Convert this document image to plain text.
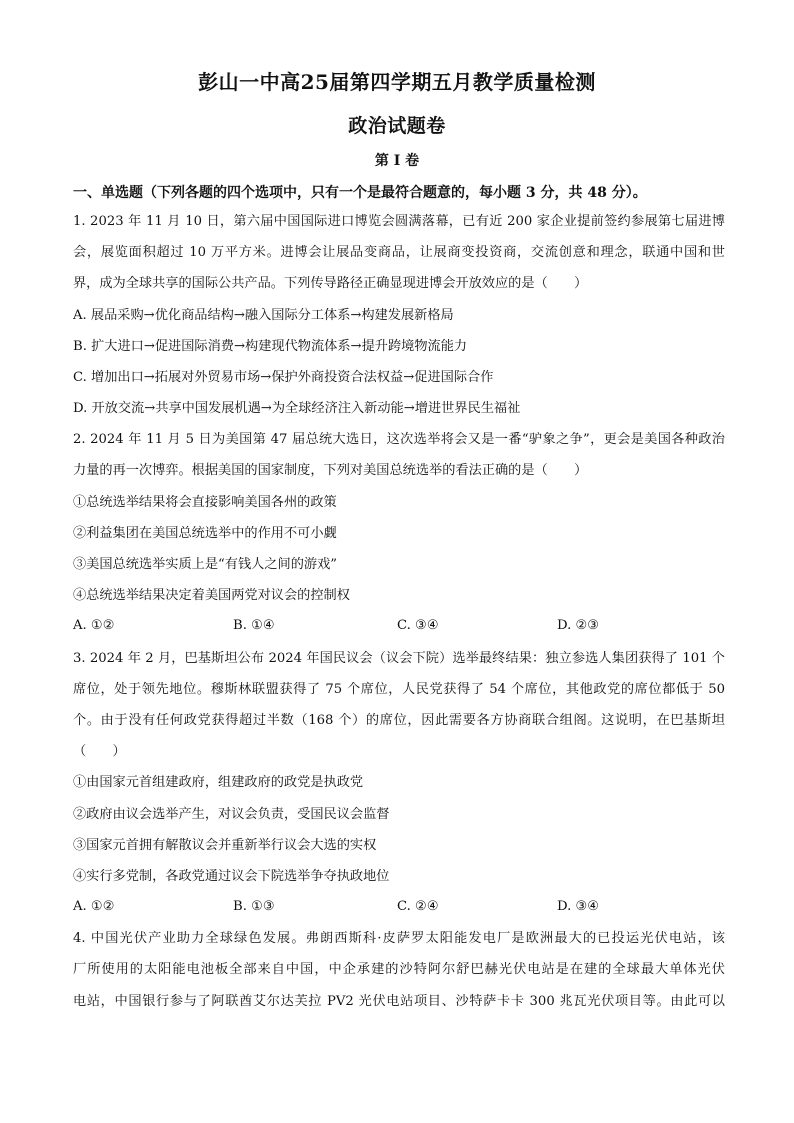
彭山一中高25届第四学期五月教学质量检测
政治试题卷
第 I 卷
一、单选题（下列各题的四个选项中，只有一个是最符合题意的，每小题 3 分，共 48 分）。
1. 2023 年 11 月 10 日，第六届中国国际进口博览会圆满落幕，已有近 200 家企业提前签约参展第七届进博
会，展览面积超过 10 万平方米。进博会让展品变商品，让展商变投资商，交流创意和理念，联通中国和世
界，成为全球共享的国际公共产品。下列传导路径正确显现进博会开放效应的是（　　）
A. 展品采购→优化商品结构→融入国际分工体系→构建发展新格局
B. 扩大进口→促进国际消费→构建现代物流体系→提升跨境物流能力
C. 增加出口→拓展对外贸易市场→保护外商投资合法权益→促进国际合作
D. 开放交流→共享中国发展机遇→为全球经济注入新动能→增进世界民生福祉
2. 2024 年 11 月 5 日为美国第 47 届总统大选日，这次选举将会又是一番“驴象之争”，更会是美国各种政治
力量的再一次博弈。根据美国的国家制度，下列对美国总统选举的看法正确的是（　　）
①总统选举结果将会直接影响美国各州的政策
②利益集团在美国总统选举中的作用不可小觑
③美国总统选举实质上是“有钱人之间的游戏”
④总统选举结果决定着美国两党对议会的控制权
A. ①②	B. ①④	C. ③④	D. ②③
3. 2024 年 2 月，巴基斯坦公布 2024 年国民议会（议会下院）选举最终结果：独立参选人集团获得了 101 个
席位，处于领先地位。穆斯林联盟获得了 75 个席位，人民党获得了 54 个席位，其他政党的席位都低于 50
个。由于没有任何政党获得超过半数（168 个）的席位，因此需要各方协商联合组阁。这说明，在巴基斯坦
（　　）
①由国家元首组建政府，组建政府的政党是执政党
②政府由议会选举产生，对议会负责，受国民议会监督
③国家元首拥有解散议会并重新举行议会大选的实权
④实行多党制，各政党通过议会下院选举争夺执政地位
A. ①②	B. ①③	C. ②④	D. ③④
4. 中国光伏产业助力全球绿色发展。弗朗西斯科·皮萨罗太阳能发电厂是欧洲最大的已投运光伏电站，该
厂所使用的太阳能电池板全部来自中国，中企承建的沙特阿尔舒巴赫光伏电站是在建的全球最大单体光伏
电站，中国银行参与了阿联酋艾尔达芙拉 PV2 光伏电站项目、沙特萨卡卡 300 兆瓦光伏项目等。由此可以
